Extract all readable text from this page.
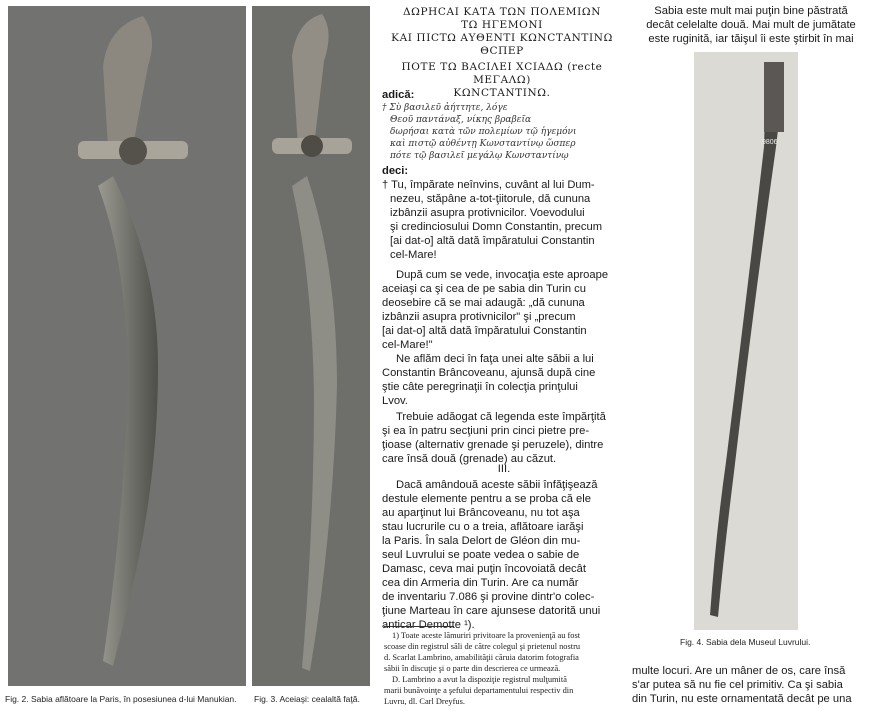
Fig. 2. Sabia aflătoare la Paris, în posesiunea d-lui Manukian. Fig. 3. Aceiaşi: cealaltă faţă.
ΔΩΡΗCAI ΚΑΤΑ ΤΩΝ ΠΟΛΕΜΙΩΝ
ΤΩ ΗΓΕΜΟΝΙ
ΚΑΙ ΠΙCΤΩ ΑΥΘΕΝΤΙ ΚΩΝCΤΑΝΤΙΝΩ
ΘCΠΕΡ
ΠΟΤΕ ΤΩ ΒΑCΙΛΕΙ ΧCΙΑΔΩ (recte ΜΕΓΑΛΩ)
ΚΩΝCΤΑΝΤΙΝΩ.

adică:

† Σὺ βασιλεῦ ἀήττητε, λόγε
Θεοῦ παντάναξ, νίκης βραβεῖα
δωρήσαι κατὰ τῶν πολεμίων τῷ ἡγεμόνι
καὶ πιστῷ αὐθέντῃ Κωνσταντίνῳ ὥσπερ
πότε τῷ βασιλεῖ μεγάλῳ Κωνσταντίνῳ

deci:

† Tu, împărate neînvins, cuvânt al lui Dum-

nezeu, stăpâne a-tot-ţiitorule, dă cununa

izbânzii asupra protivnicilor. Voevodului

şi credinciosului Domn Constantin, precum

[ai dat-o] altă dată împăratului Constantin

cel-Mare!

După cum se vede, invocaţia este aproape

aceiaşi ca şi cea de pe sabia din Turin cu

deosebire că se mai adaugă: „dă cununa

izbânzii asupra protivnicilor" şi „precum

[ai dat-o] altă dată împăratului Constantin

cel-Mare!"

Ne aflăm deci în faţa unei alte săbii a lui

Constantin Brâncoveanu, ajunsă după cine

ştie câte peregrinaţii în colecţia prinţului

Lvov.

Trebuie adăogat că legenda este împărţită

şi ea în patru secţiuni prin cinci pietre pre-

ţioase (alternativ grenade şi peruzele), dintre

care însă două (grenade) au căzut.

III.

Dacă amândouă aceste săbii înfăţişează

destule elemente pentru a se proba că ele

au aparţinut lui Brâncoveanu, nu tot aşa

stau lucrurile cu o a treia, aflătoare iarăşi

la Paris. În sala Delort de Gléon din mu-

seul Luvrului se poate vedea o sabie de

Damasc, ceva mai puţin încovoiată decât

cea din Armeria din Turin. Are ca număr

de inventariu 7.086 şi provine dintr'o colec-

ţiune Marteau în care ajunsese datorită unui

anticar Demotte ¹).

1) Toate aceste lămuriri privitoare la provenienţă au fost
scoase din registrul săli de către colegul şi prietenul nostru
d. Scarlat Lambrino, amabilităţii căruia datorim fotografia
săbii în discuţie şi o parte din descrierea ce urmează.
D. Lambrino a avut la dispoziţie registrul mulţumită
marii bunăvoinţe a şefului departamentului respectiv din
Luvru, dl. Carl Dreyfus.

Sabia este mult mai puţin bine păstrată

decât celelalte două. Mai mult de jumătate

este ruginită, iar tăişul îi este ştirbit în mai

9806
Fig. 4. Sabia dela Museul Luvrului.

multe locuri. Are un mâner de os, care însă

s'ar putea să nu fie cel primitiv. Ca şi sabia

din Turin, nu este ornamentată decât pe una
